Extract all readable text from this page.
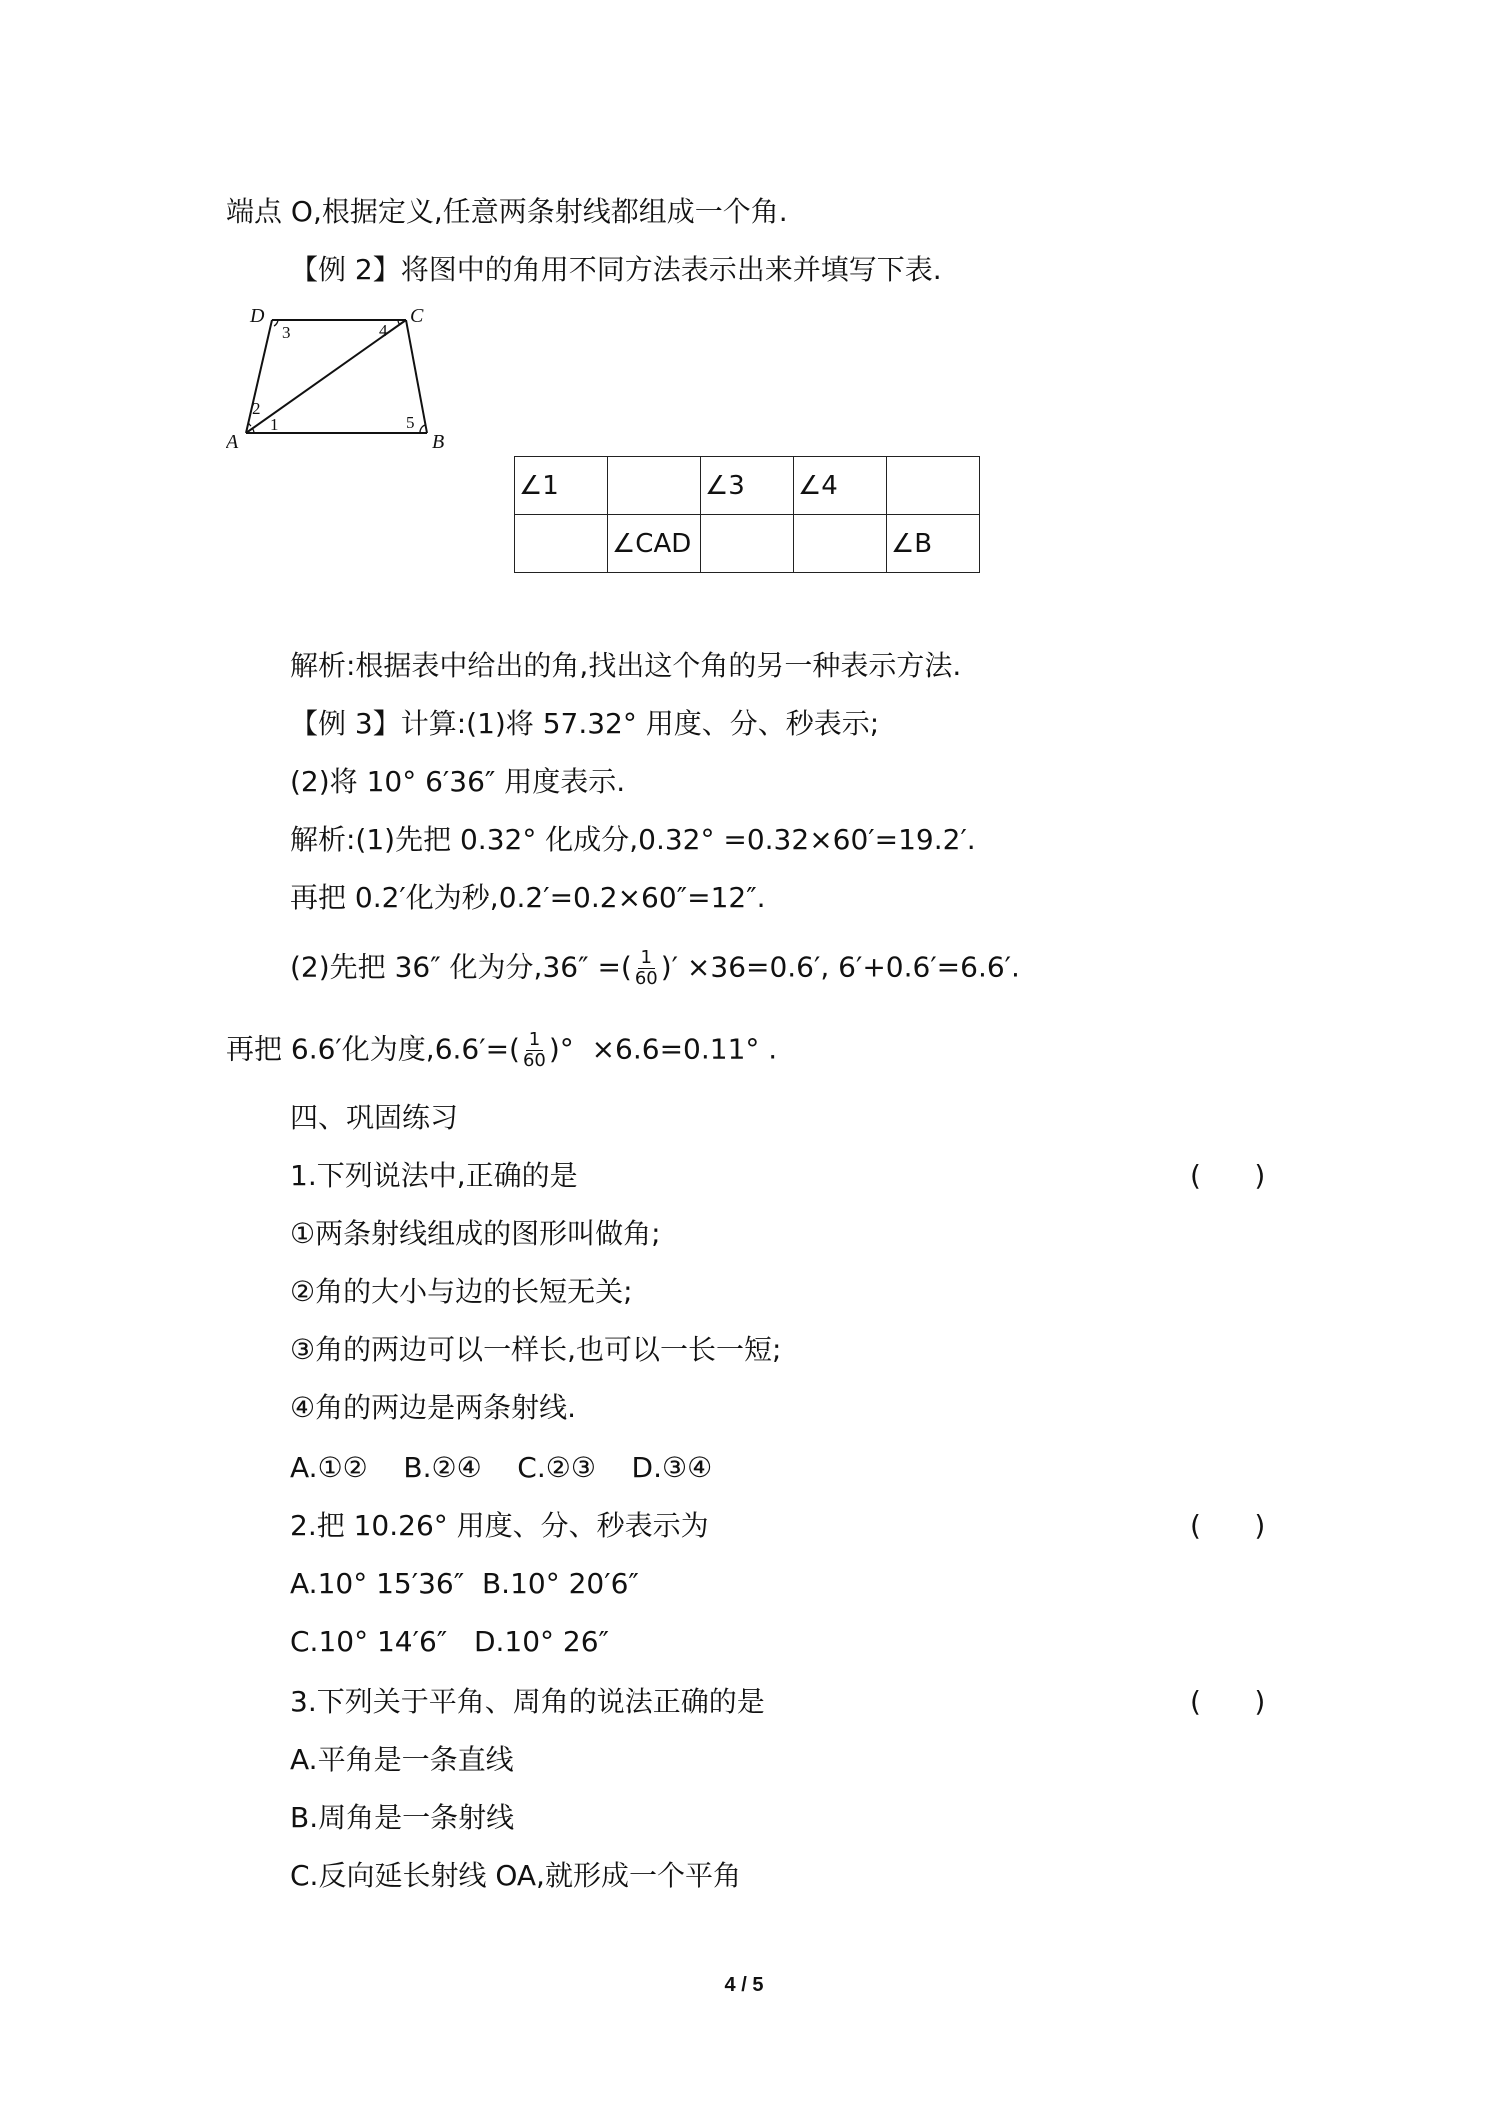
端点 O,根据定义,任意两条射线都组成一个角.
【例 2】将图中的角用不同方法表示出来并填写下表.
D	C
A	B
1
2
3	4
5
∠1		∠3	∠4	
	∠CAD			∠B
解析:根据表中给出的角,找出这个角的另一种表示方法.
【例 3】计算:(1)将 57.32° 用度、分、秒表示;
(2)将 10° 6′36″ 用度表示.
解析:(1)先把 0.32° 化成分,0.32° =0.32×60′=19.2′.
再把 0.2′化为秒,0.2′=0.2×60″=12″.
(2)先把 36″ 化为分,36″ =( $\frac{1}{60}$ )′ ×36=0.6′, 6′+0.6′=6.6′.
再把 6.6′化为度$,6.6'=( \frac{1}{60}$ )°  ×6.6=0.11° .
四、巩固练习
1.下列说法中,正确的是	(      )
①两条射线组成的图形叫做角;
②角的大小与边的长短无关;
③角的两边可以一样长,也可以一长一短;
④角的两边是两条射线.
A.①②    B.②④    C.②③    D.③④
2.把 10.26° 用度、分、秒表示为	(      )
A.10° 15′36″  B.10° 20′6″
C.10° 14′6″   D.10° 26″
3.下列关于平角、周角的说法正确的是	(      )
A.平角是一条直线
B.周角是一条射线
C.反向延长射线 OA,就形成一个平角
4 / 5
